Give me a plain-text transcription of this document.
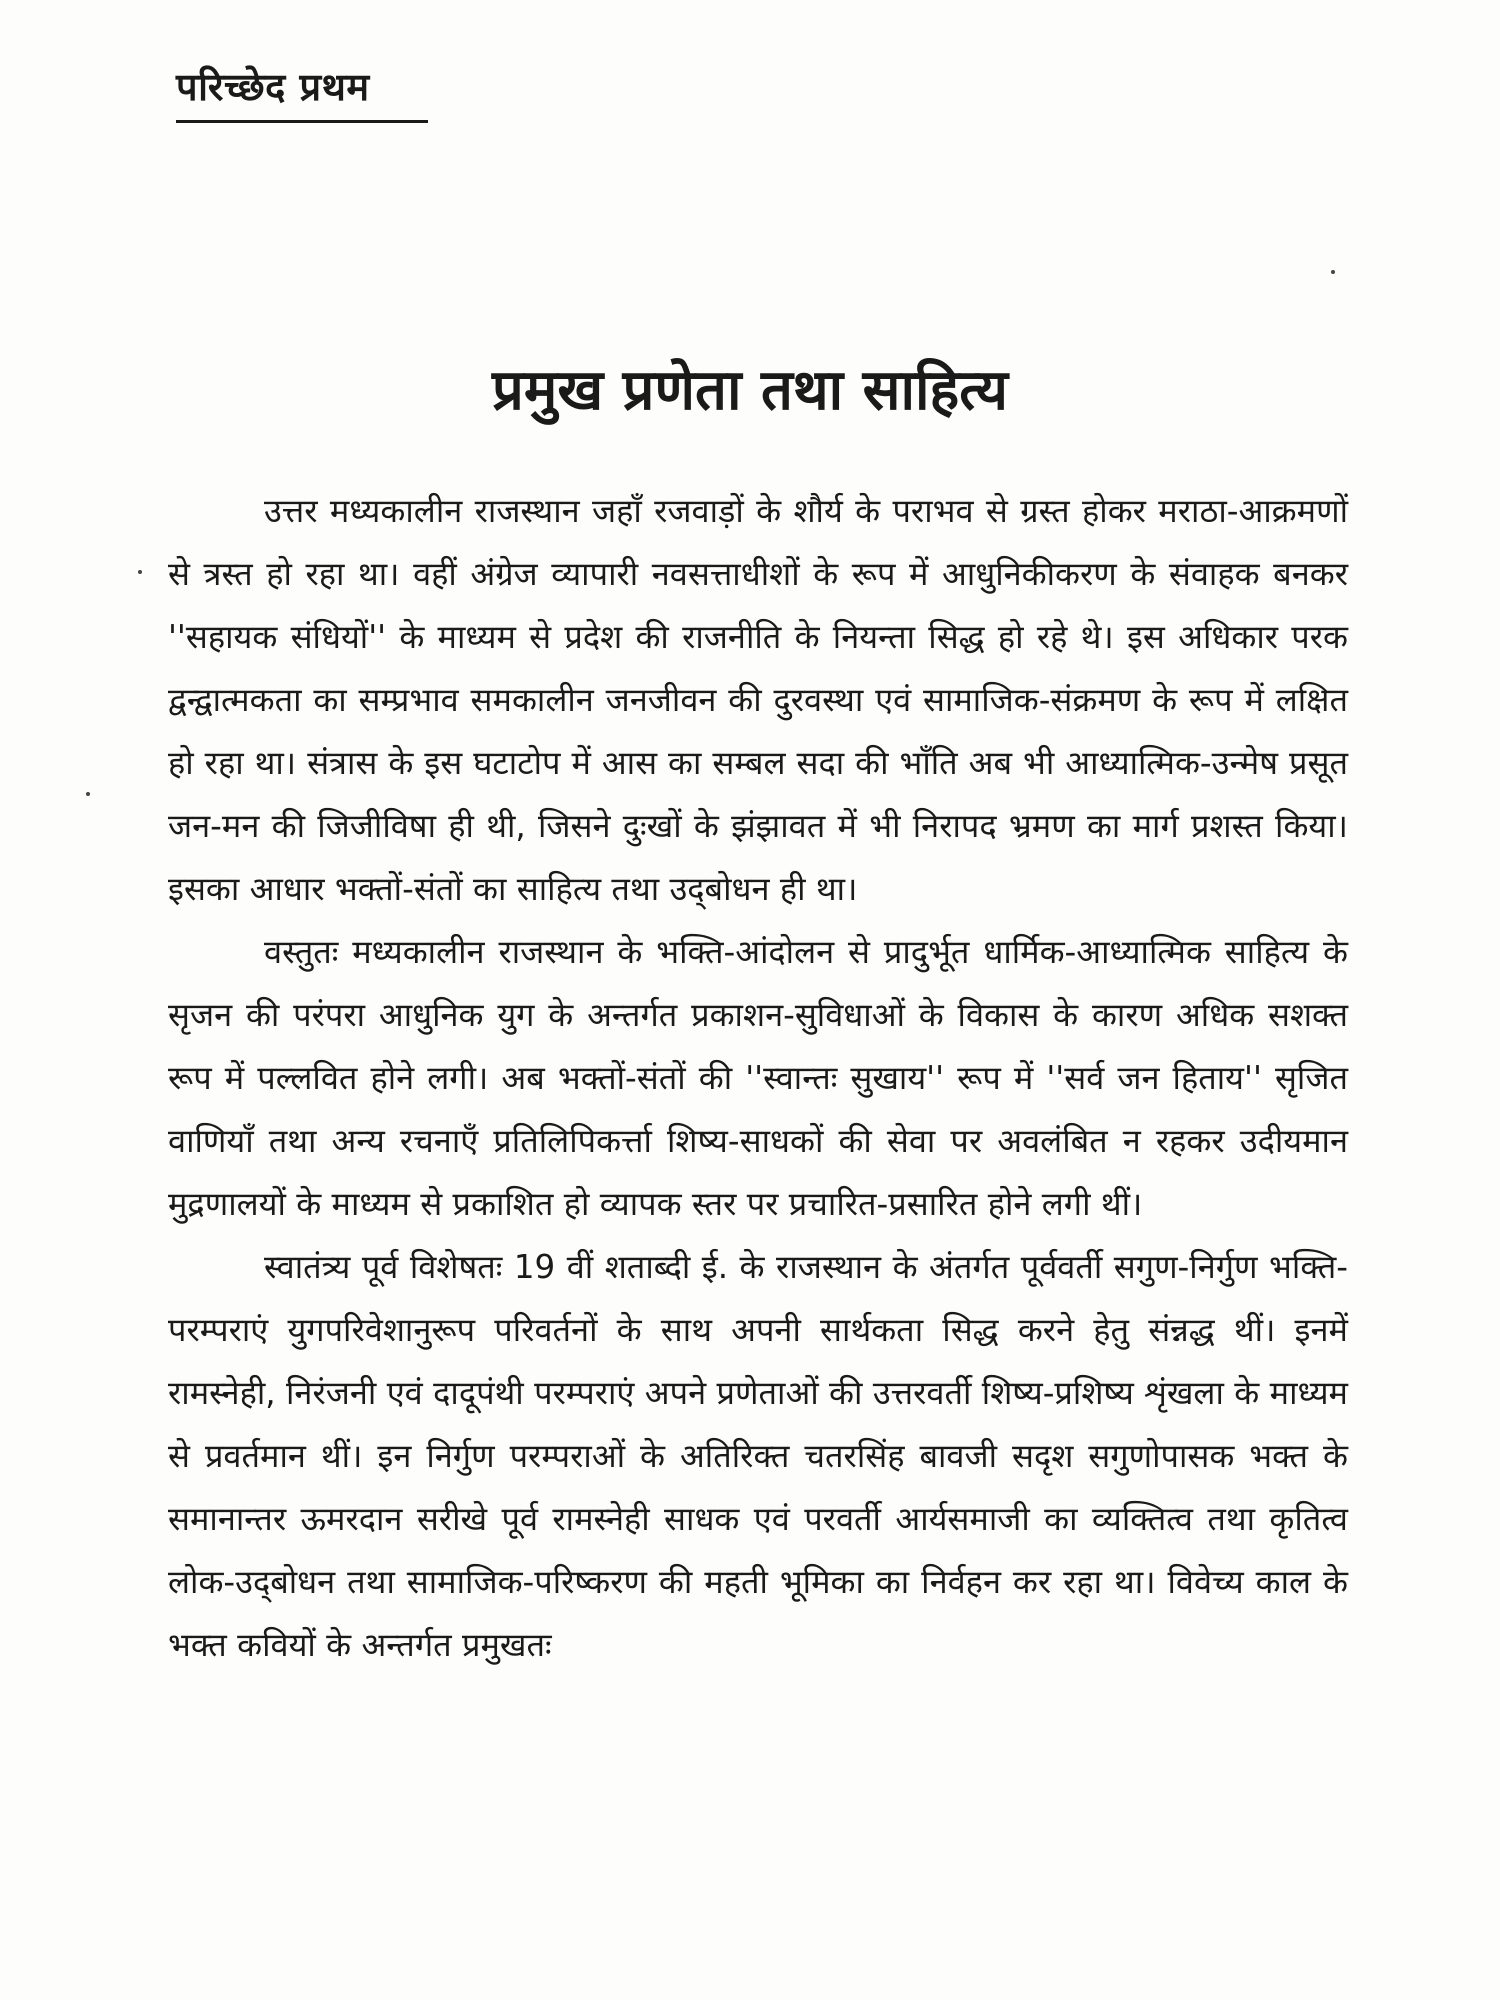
परिच्छेद प्रथम
प्रमुख प्रणेता तथा साहित्य

उत्तर मध्यकालीन राजस्थान जहाँ रजवाड़ों के शौर्य के पराभव से ग्रस्त होकर मराठा-आक्रमणों से त्रस्त हो रहा था। वहीं अंग्रेज व्यापारी नवसत्ताधीशों के रूप में आधुनिकीकरण के संवाहक बनकर ''सहायक संधियों'' के माध्यम से प्रदेश की राजनीति के नियन्ता सिद्ध हो रहे थे। इस अधिकार परक द्वन्द्वात्मकता का सम्प्रभाव समकालीन जनजीवन की दुरवस्था एवं सामाजिक-संक्रमण के रूप में लक्षित हो रहा था। संत्रास के इस घटाटोप में आस का सम्बल सदा की भाँति अब भी आध्यात्मिक-उन्मेष प्रसूत जन-मन की जिजीविषा ही थी, जिसने दुःखों के झंझावत में भी निरापद भ्रमण का मार्ग प्रशस्त किया। इसका आधार भक्तों-संतों का साहित्य तथा उद्‍बोधन ही था।

वस्तुतः मध्यकालीन राजस्थान के भक्ति-आंदोलन से प्रादुर्भूत धार्मिक-आध्यात्मिक साहित्य के सृजन की परंपरा आधुनिक युग के अन्तर्गत प्रकाशन-सुविधाओं के विकास के कारण अधिक सशक्त रूप में पल्लवित होने लगी। अब भक्तों-संतों की ''स्वान्तः सुखाय'' रूप में ''सर्व जन हिताय'' सृजित वाणियाँ तथा अन्य रचनाएँ प्रतिलिपिकर्त्ता शिष्य-साधकों की सेवा पर अवलंबित न रहकर उदीयमान मुद्रणालयों के माध्यम से प्रकाशित हो व्यापक स्तर पर प्रचारित-प्रसारित होने लगी थीं।

स्वातंत्र्य पूर्व विशेषतः 19 वीं शताब्दी ई. के राजस्थान के अंतर्गत पूर्ववर्ती सगुण-निर्गुण भक्ति-परम्पराएं युगपरिवेशानुरूप परिवर्तनों के साथ अपनी सार्थकता सिद्ध करने हेतु संन्नद्ध थीं। इनमें रामस्नेही, निरंजनी एवं दादूपंथी परम्पराएं अपने प्रणेताओं की उत्तरवर्ती शिष्य-प्रशिष्य शृंखला के माध्यम से प्रवर्तमान थीं। इन निर्गुण परम्पराओं के अतिरिक्त चतरसिंह बावजी सदृश सगुणोपासक भक्त के समानान्तर ऊमरदान सरीखे पूर्व रामस्नेही साधक एवं परवर्ती आर्यसमाजी का व्यक्तित्व तथा कृतित्व लोक-उद्‍बोधन तथा सामाजिक-परिष्करण की महती भूमिका का निर्वहन कर रहा था। विवेच्य काल के भक्त कवियों के अन्तर्गत प्रमुखतः
